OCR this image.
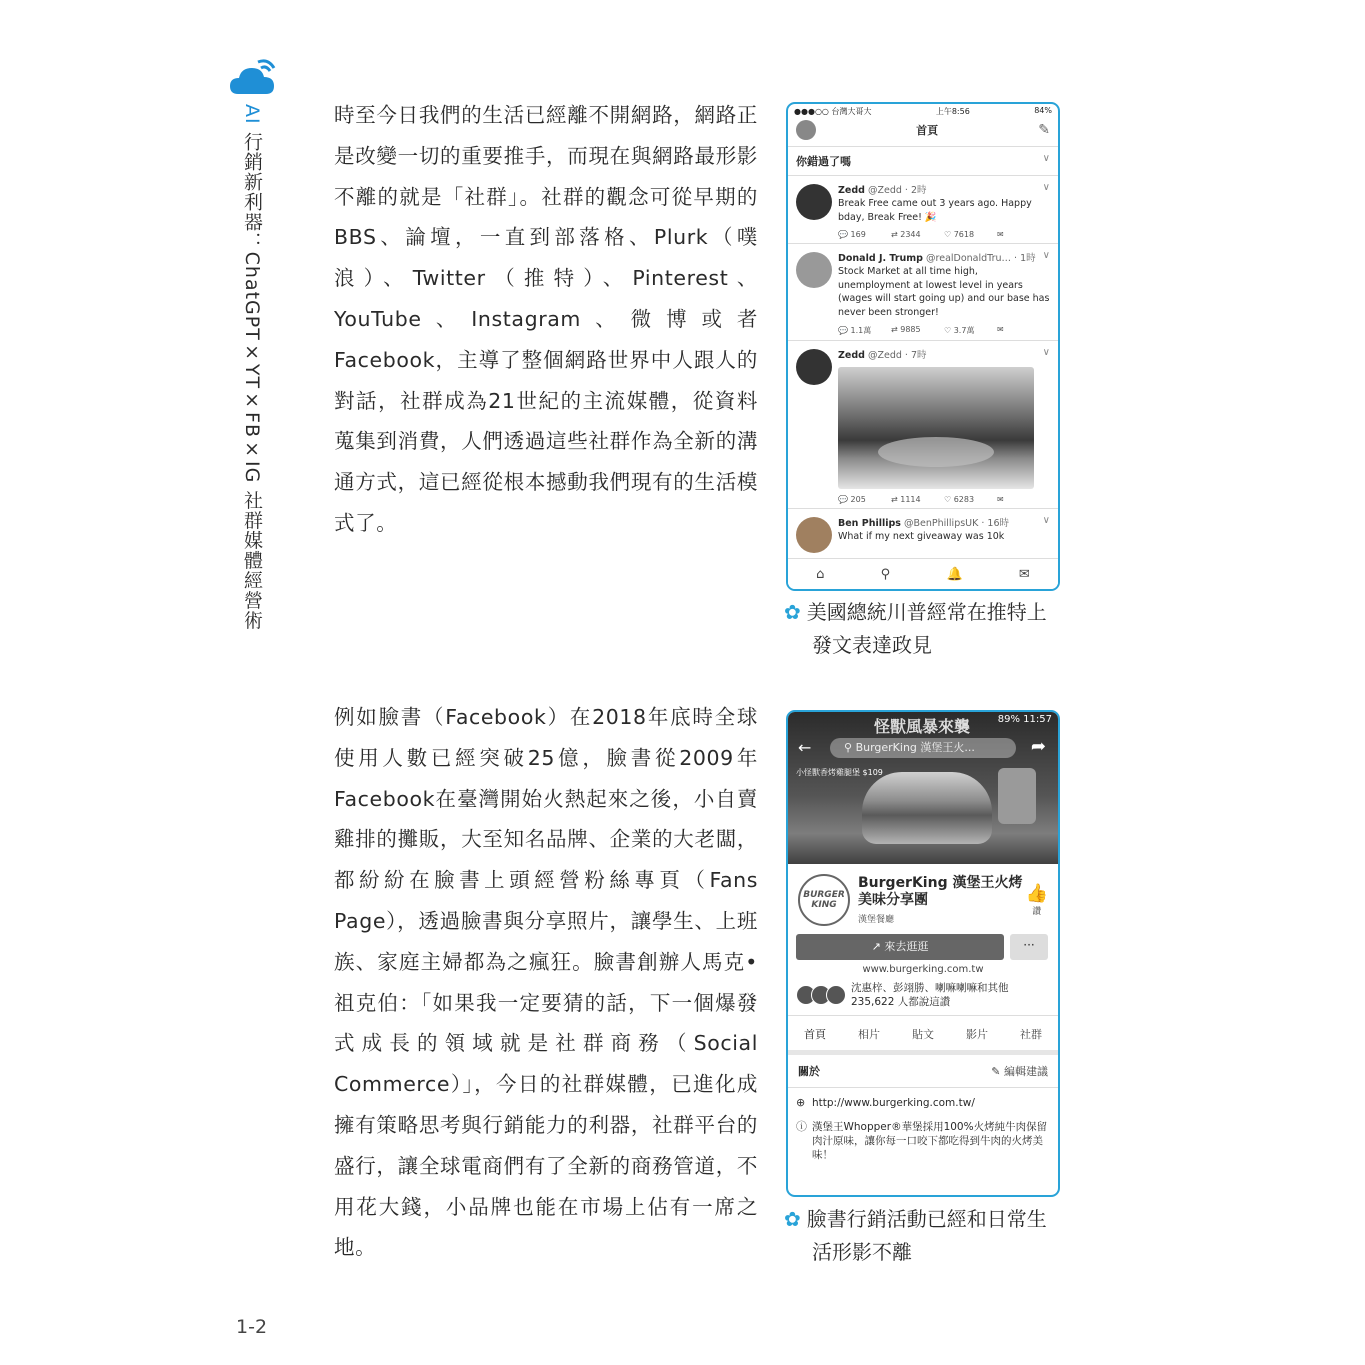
AI 行銷新利器：ChatGPT×YT×FB×IG 社群媒體經營術

時至今日我們的生活已經離不開網路，網路正是改變一切的重要推手，而現在與網路最形影不離的就是「社群」。社群的觀念可從早期的BBS、論壇，一直到部落格、Plurk（噗浪）、Twitter（推特）、Pinterest、YouTube、Instagram、微博或者Facebook，主導了整個網路世界中人跟人的對話，社群成為21世紀的主流媒體，從資料蒐集到消費，人們透過這些社群作為全新的溝通方式，這已經從根本撼動我們現有的生活模式了。

例如臉書（Facebook）在2018年底時全球使用人數已經突破25億，臉書從2009年Facebook在臺灣開始火熱起來之後，小自賣雞排的攤販，大至知名品牌、企業的大老闆，都紛紛在臉書上頭經營粉絲專頁（Fans Page），透過臉書與分享照片，讓學生、上班族、家庭主婦都為之瘋狂。臉書創辦人馬克•祖克伯：「如果我一定要猜的話，下一個爆發式成長的領域就是社群商務（Social Commerce）」，今日的社群媒體，已進化成擁有策略思考與行銷能力的利器，社群平台的盛行，讓全球電商們有了全新的商務管道，不用花大錢，小品牌也能在市場上佔有一席之地。

●●●○○ 台灣大哥大	上午8:56	84%
首頁	✎
你錯過了嗎	∨
Zedd @Zedd · 2時	∨
Break Free came out 3 years ago. Happy bday, Break Free! 🎉
💬 169	⇄ 2344	♡ 7618	✉
Donald J. Trump @realDonaldTru… · 1時 ∨
Stock Market at all time high, unemployment at lowest level in years (wages will start going up) and our base has never been stronger!
💬 1.1萬	⇄ 9885	♡ 3.7萬	✉
Zedd @Zedd · 7時	∨
💬 205	⇄ 1114	♡ 6283	✉
Ben Phillips @BenPhillipsUK · 16時	∨
What if my next giveaway was 10k
⌂	⚲	🔔	✉
✿ 美國總統川普經常在推特上
發文表達政見
怪獸風暴來襲	89% 11:57
←	⚲ BurgerKing 漢堡王火...	➦
小怪獸香烤雞腿堡 $109
BURGER KING
BurgerKing 漢堡王火烤美味分享團
漢堡餐廳
👍
讚
↗ 來去逛逛	···
www.burgerking.com.tw
沈惠梓、彭翊勝、喇嘛喇嘛和其他235,622 人都說這讚
首頁	相片	貼文	影片	社群
關於	✎ 編輯建議
⊕ http://www.burgerking.com.tw/
ⓘ 漢堡王Whopper®華堡採用100%火烤純牛肉保留肉汁原味，讓你每一口咬下都吃得到牛肉的火烤美味！
✿ 臉書行銷活動已經和日常生
活形影不離
1-2
